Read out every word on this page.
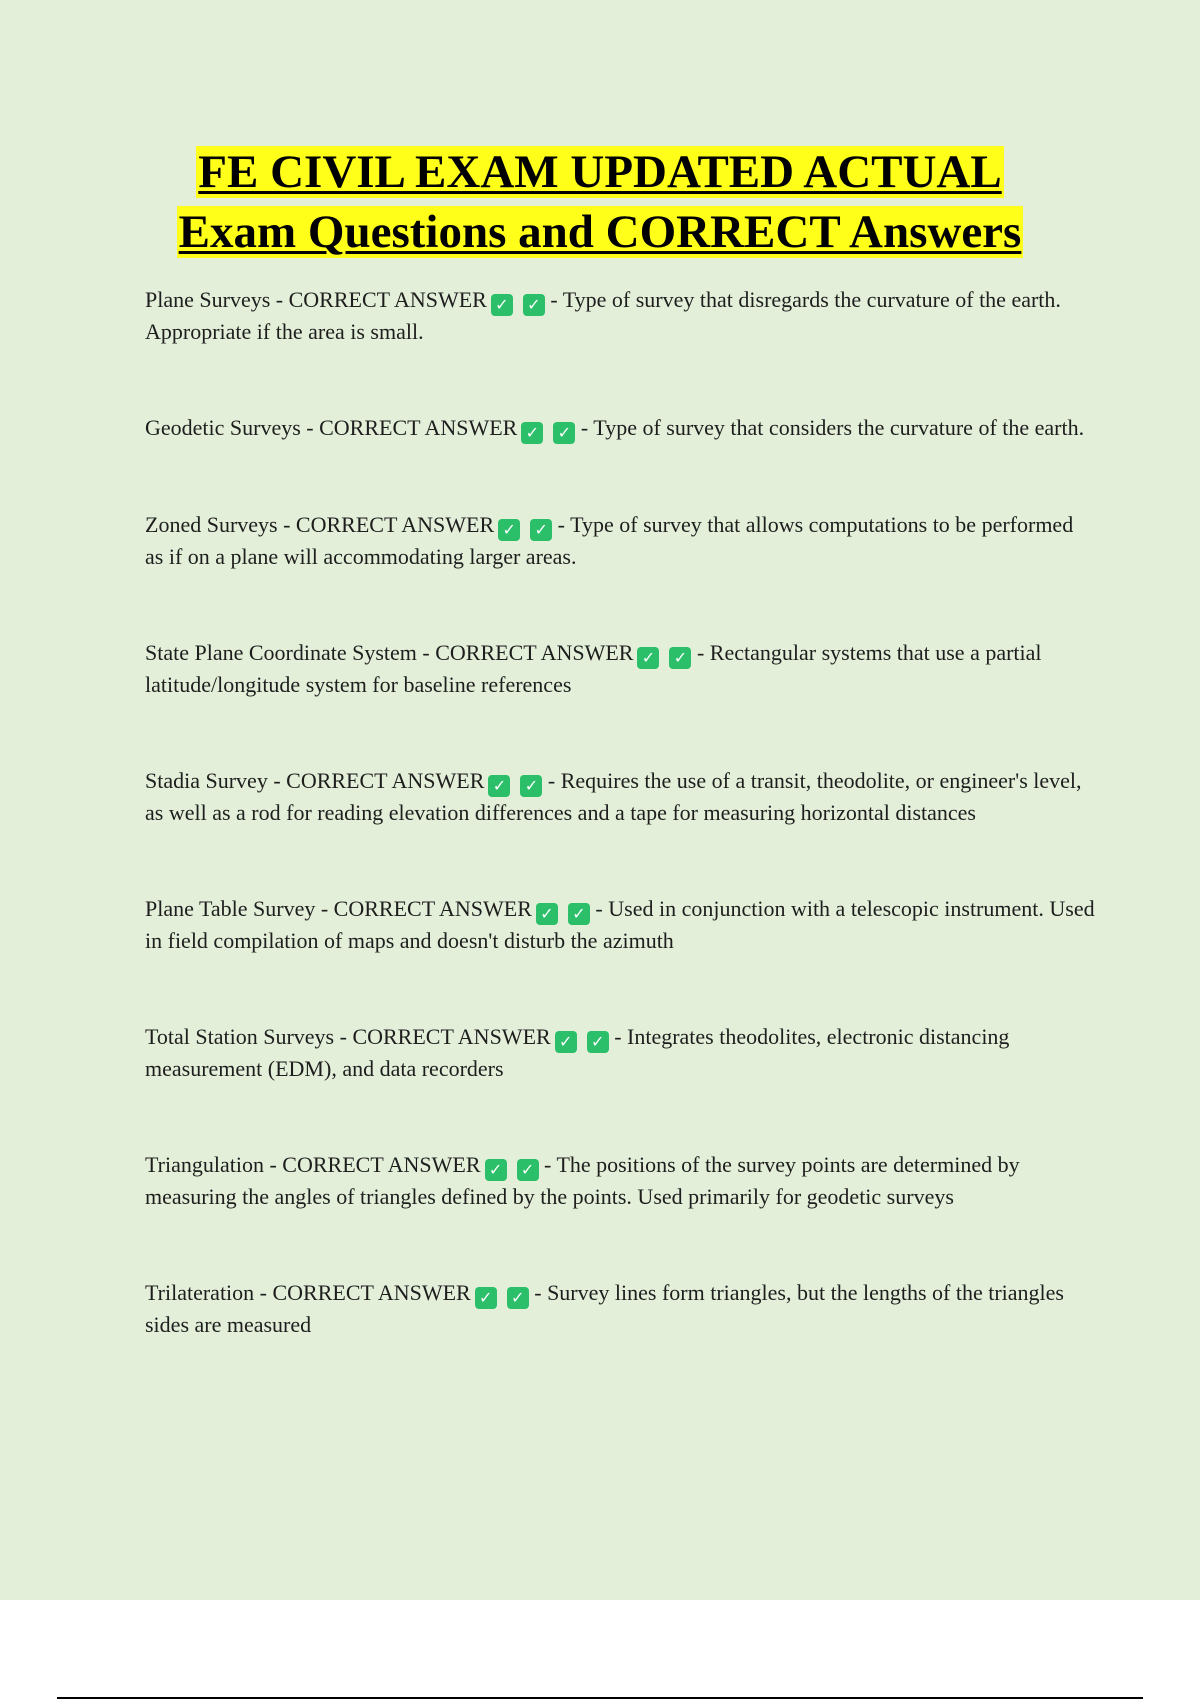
FE CIVIL EXAM UPDATED ACTUAL
Exam Questions and CORRECT Answers
Plane Surveys - CORRECT ANSWER ✓ ✓ - Type of survey that disregards the curvature of the earth. Appropriate if the area is small.
Geodetic Surveys - CORRECT ANSWER ✓ ✓ - Type of survey that considers the curvature of the earth.
Zoned Surveys - CORRECT ANSWER ✓ ✓ - Type of survey that allows computations to be performed as if on a plane will accommodating larger areas.
State Plane Coordinate System - CORRECT ANSWER ✓ ✓ - Rectangular systems that use a partial latitude/longitude system for baseline references
Stadia Survey - CORRECT ANSWER ✓ ✓ - Requires the use of a transit, theodolite, or engineer's level, as well as a rod for reading elevation differences and a tape for measuring horizontal distances
Plane Table Survey - CORRECT ANSWER ✓ ✓ - Used in conjunction with a telescopic instrument. Used in field compilation of maps and doesn't disturb the azimuth
Total Station Surveys - CORRECT ANSWER ✓ ✓ - Integrates theodolites, electronic distancing measurement (EDM), and data recorders
Triangulation - CORRECT ANSWER ✓ ✓ - The positions of the survey points are determined by measuring the angles of triangles defined by the points. Used primarily for geodetic surveys
Trilateration - CORRECT ANSWER ✓ ✓ - Survey lines form triangles, but the lengths of the triangles sides are measured
